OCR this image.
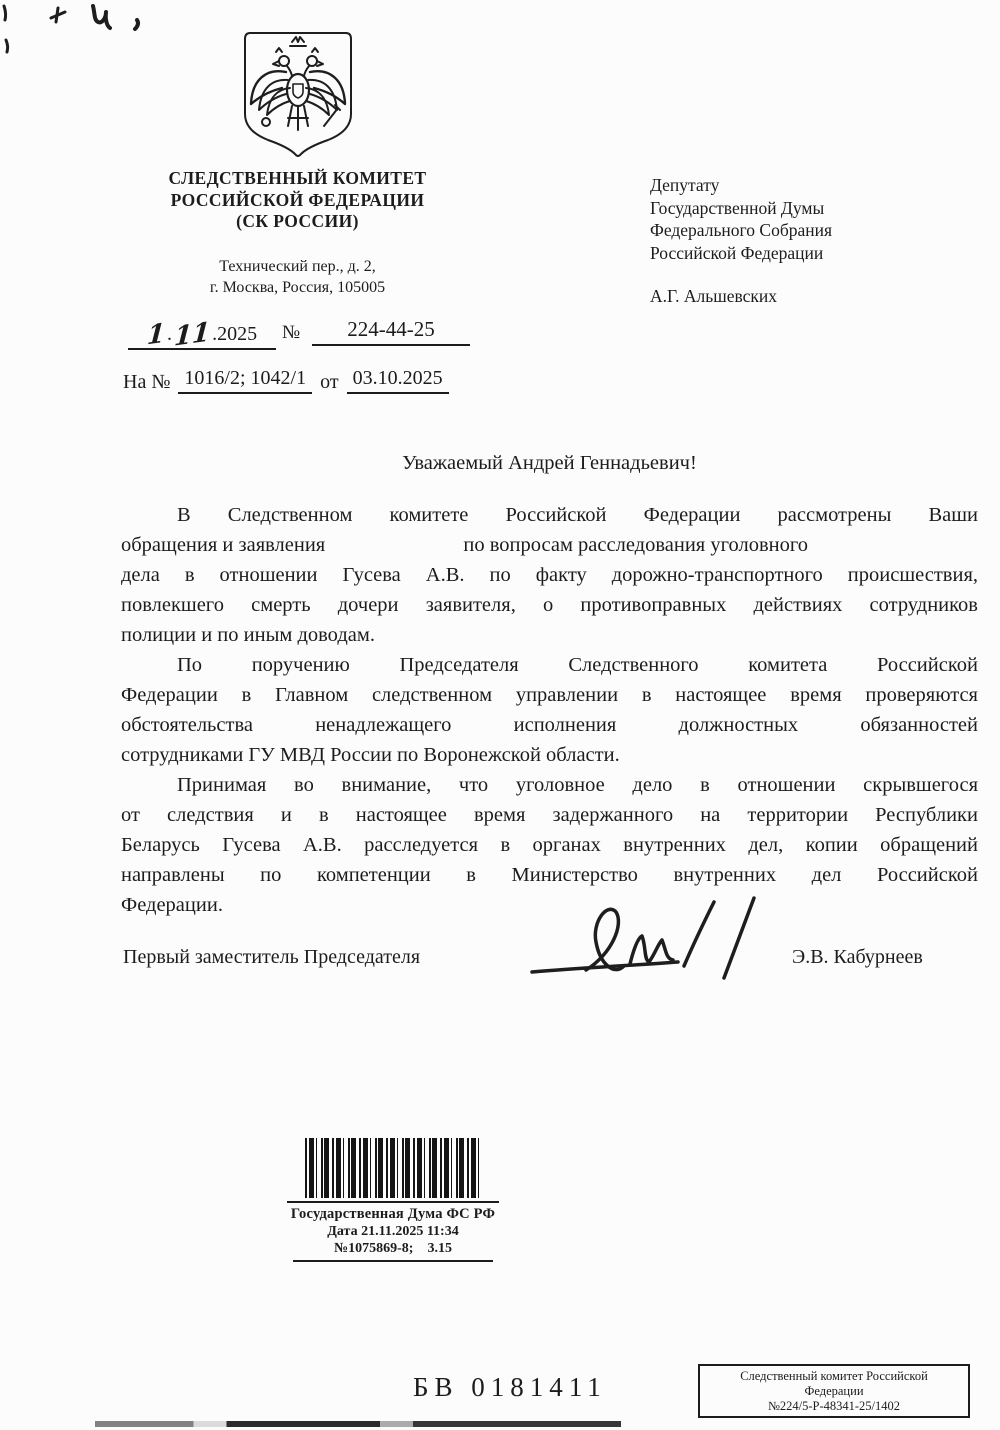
СЛЕДСТВЕННЫЙ КОМИТЕТ
РОССИЙСКОЙ ФЕДЕРАЦИИ
(СК РОССИИ)
Технический пер., д. 2,
г. Москва, Россия, 105005
Депутату
Государственной Думы
Федерального Собрания
Российской Федерации
А.Г. Альшевских
1 . 11 .2025 №	224-44-25
На № 1016/2; 1042/1 от 03.10.2025
Уважаемый Андрей Геннадьевич!
В Следственном комитете Российской Федерации рассмотрены Ваши
обращения и заявления	по вопросам расследования уголовного
дела в отношении Гусева А.В. по факту дорожно-транспортного происшествия,
повлекшего смерть дочери заявителя, о противоправных действиях сотрудников
полиции и по иным доводам.
По поручению Председателя Следственного комитета Российской
Федерации в Главном следственном управлении в настоящее время проверяются
обстоятельства ненадлежащего исполнения должностных обязанностей
сотрудниками ГУ МВД России по Воронежской области.
Принимая во внимание, что уголовное дело в отношении скрывшегося
от следствия и в настоящее время задержанного на территории Республики
Беларусь Гусева А.В. расследуется в органах внутренних дел, копии обращений
направлены по компетенции в Министерство внутренних дел Российской
Федерации.
Первый заместитель Председателя	Э.В. Кабурнеев
Государственная Дума ФС РФ
Дата 21.11.2025 11:34
№1075869-8;    3.15
БВ 0181411	Следственный комитет Российской
Федерации
№224/5-Р-48341-25/1402
